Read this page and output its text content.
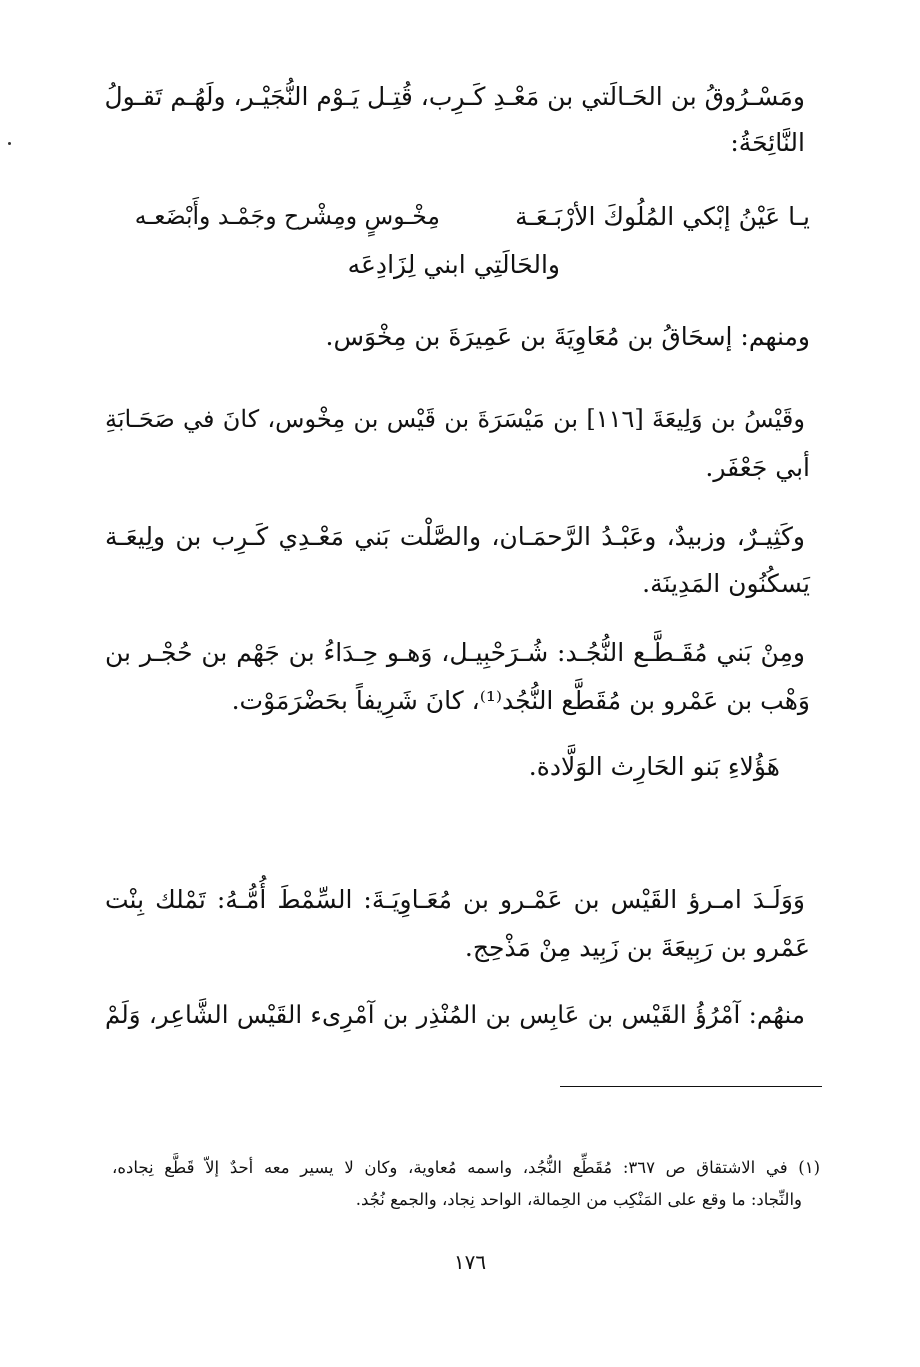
ومَسْـرُوقُ بن الحَـالَتي بن مَعْـدِ كَـرِب، قُتِـل يَـوْم النُّجَيْـر، ولَهُـم تَقـولُ
النَّائِحَةُ:
يـا عَيْنُ إبْكي المُلُوكَ الأرْبَـعَـة
مِخْـوسٍ ومِشْرح وجَمْـد وأَبْضَعـه
والحَالَتِي ابني لِزَادِعَه
ومنهم: إسحَاقُ بن مُعَاوِيَةَ بن عَمِيرَةَ بن مِخْوَس.
وقَيْسُ بن وَلِيعَةَ [١١٦] بن مَيْسَرَةَ بن قَيْس بن مِخْوس، كانَ في صَحَـابَةِ
أبي جَعْفَر.
وكَثِيـرٌ، وزبيدٌ، وعَبْـدُ الرَّحمَـان، والصَّلْت بَني مَعْـدِي كَـرِب بن ولِيعَـة
يَسكُنُون المَدِينَة.
ومِنْ بَني مُقَـطَّـع النُّجُـد: شُـرَحْبِيـل، وَهـو حِـدَاءُ بن جَهْم بن حُجْـر بن
وَهْب بن عَمْرو بن مُقَطَّع النُّجُد⁽¹⁾، كانَ شَرِيفاً بحَضْرَمَوْت.
هَؤُلاءِ بَنو الحَارِث الوَلَّادة.
وَوَلَـدَ امـرؤ القَيْس بن عَمْـرو بن مُعَـاوِيَـةَ: السِّمْطَ أُمُّـهُ: تَمْلك بِنْت
عَمْرو بن رَبِيعَةَ بن زَبِيد مِنْ مَذْحِج.
منهُم: آمْرُؤُ القَيْس بن عَابِس بن المُنْذِر بن آمْرِىء القَيْس الشَّاعِر، وَلَمْ
(١) في الاشتقاق ص ٣٦٧: مُقَطِّع النُّجُد، واسمه مُعاوية، وكان لا يسير معه أحدٌ إلاّ قَطَّع نِجاده،
والنِّجاد: ما وقع على المَنْكِب من الحِمالة، الواحد نِجاد، والجمع نُجُد.
١٧٦
